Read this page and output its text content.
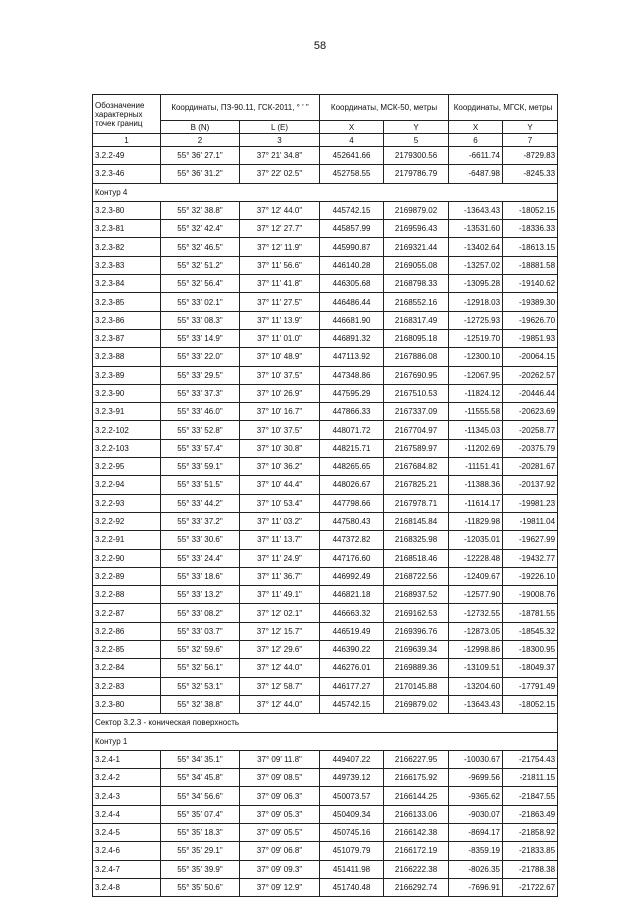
58
Обозначение характерных точек границ	Координаты, ПЗ-90.11, ГСК-2011, ° ' "		Координаты, МСК-50, метры		Координаты, МГСК, метры	
	B (N)	L (E)	X	Y	X	Y
1	2	3	4	5	6	7
3.2.2-49	55° 36' 27.1"	37° 21' 34.8"	452641.66	2179300.56	-6611.74	-8729.83
3.2.3-46	55° 36' 31.2"	37° 22' 02.5"	452758.55	2179786.79	-6487.98	-8245.33
Контур 4						
3.2.3-80	55° 32' 38.8"	37° 12' 44.0"	445742.15	2169879.02	-13643.43	-18052.15
3.2.3-81	55° 32' 42.4"	37° 12' 27.7"	445857.99	2169596.43	-13531.60	-18336.33
3.2.3-82	55° 32' 46.5"	37° 12' 11.9"	445990.87	2169321.44	-13402.64	-18613.15
3.2.3-83	55° 32' 51.2"	37° 11' 56.6"	446140.28	2169055.08	-13257.02	-18881.58
3.2.3-84	55° 32' 56.4"	37° 11' 41.8"	446305.68	2168798.33	-13095.28	-19140.62
3.2.3-85	55° 33' 02.1"	37° 11' 27.5"	446486.44	2168552.16	-12918.03	-19389.30
3.2.3-86	55° 33' 08.3"	37° 11' 13.9"	446681.90	2168317.49	-12725.93	-19626.70
3.2.3-87	55° 33' 14.9"	37° 11' 01.0"	446891.32	2168095.18	-12519.70	-19851.93
3.2.3-88	55° 33' 22.0"	37° 10' 48.9"	447113.92	2167886.08	-12300.10	-20064.15
3.2.3-89	55° 33' 29.5"	37° 10' 37.5"	447348.86	2167690.95	-12067.95	-20262.57
3.2.3-90	55° 33' 37.3"	37° 10' 26.9"	447595.29	2167510.53	-11824.12	-20446.44
3.2.3-91	55° 33' 46.0"	37° 10' 16.7"	447866.33	2167337.09	-11555.58	-20623.69
3.2.2-102	55° 33' 52.8"	37° 10' 37.5"	448071.72	2167704.97	-11345.03	-20258.77
3.2.2-103	55° 33' 57.4"	37° 10' 30.8"	448215.71	2167589.97	-11202.69	-20375.79
3.2.2-95	55° 33' 59.1"	37° 10' 36.2"	448265.65	2167684.82	-11151.41	-20281.67
3.2.2-94	55° 33' 51.5"	37° 10' 44.4"	448026.67	2167825.21	-11388.36	-20137.92
3.2.2-93	55° 33' 44.2"	37° 10' 53.4"	447798.66	2167978.71	-11614.17	-19981.23
3.2.2-92	55° 33' 37.2"	37° 11' 03.2"	447580.43	2168145.84	-11829.98	-19811.04
3.2.2-91	55° 33' 30.6"	37° 11' 13.7"	447372.82	2168325.98	-12035.01	-19627.99
3.2.2-90	55° 33' 24.4"	37° 11' 24.9"	447176.60	2168518.46	-12228.48	-19432.77
3.2.2-89	55° 33' 18.6"	37° 11' 36.7"	446992.49	2168722.56	-12409.67	-19226.10
3.2.2-88	55° 33' 13.2"	37° 11' 49.1"	446821.18	2168937.52	-12577.90	-19008.76
3.2.2-87	55° 33' 08.2"	37° 12' 02.1"	446663.32	2169162.53	-12732.55	-18781.55
3.2.2-86	55° 33' 03.7"	37° 12' 15.7"	446519.49	2169396.76	-12873.05	-18545.32
3.2.2-85	55° 32' 59.6"	37° 12' 29.6"	446390.22	2169639.34	-12998.86	-18300.95
3.2.2-84	55° 32' 56.1"	37° 12' 44.0"	446276.01	2169889.36	-13109.51	-18049.37
3.2.2-83	55° 32' 53.1"	37° 12' 58.7"	446177.27	2170145.88	-13204.60	-17791.49
3.2.3-80	55° 32' 38.8"	37° 12' 44.0"	445742.15	2169879.02	-13643.43	-18052.15
Сектор 3.2.3 - коническая поверхность						
Контур 1						
3.2.4-1	55° 34' 35.1"	37° 09' 11.8"	449407.22	2166227.95	-10030.67	-21754.43
3.2.4-2	55° 34' 45.8"	37° 09' 08.5"	449739.12	2166175.92	-9699.56	-21811.15
3.2.4-3	55° 34' 56.6"	37° 09' 06.3"	450073.57	2166144.25	-9365.62	-21847.55
3.2.4-4	55° 35' 07.4"	37° 09' 05.3"	450409.34	2166133.06	-9030.07	-21863.49
3.2.4-5	55° 35' 18.3"	37° 09' 05.5"	450745.16	2166142.38	-8694.17	-21858.92
3.2.4-6	55° 35' 29.1"	37° 09' 06.8"	451079.79	2166172.19	-8359.19	-21833.85
3.2.4-7	55° 35' 39.9"	37° 09' 09.3"	451411.98	2166222.38	-8026.35	-21788.38
3.2.4-8	55° 35' 50.6"	37° 09' 12.9"	451740.48	2166292.74	-7696.91	-21722.67
